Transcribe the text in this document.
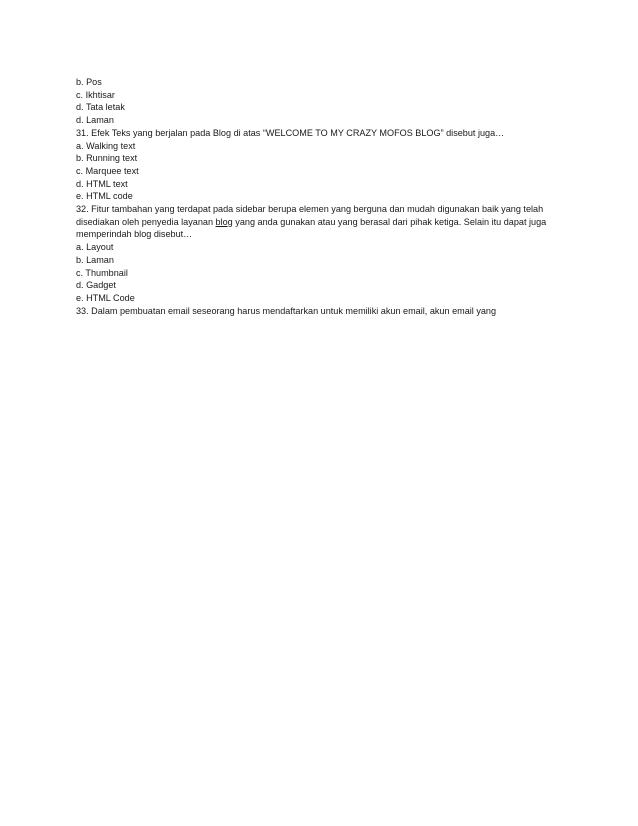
b. Pos
c. Ikhtisar
d. Tata letak
d. Laman
31. Efek Teks yang berjalan pada Blog di atas “WELCOME TO MY CRAZY MOFOS BLOG” disebut juga…
a. Walking text
b. Running text
c. Marquee text
d. HTML text
e. HTML code
32. Fitur tambahan yang terdapat pada sidebar berupa elemen yang berguna dan mudah digunakan baik yang telah disediakan oleh penyedia layanan blog yang anda gunakan atau yang berasal dari pihak ketiga. Selain itu dapat juga memperindah blog disebut…
a. Layout
b. Laman
c. Thumbnail
d. Gadget
e. HTML Code
33. Dalam pembuatan email seseorang harus mendaftarkan untuk memiliki akun email, akun email yang
